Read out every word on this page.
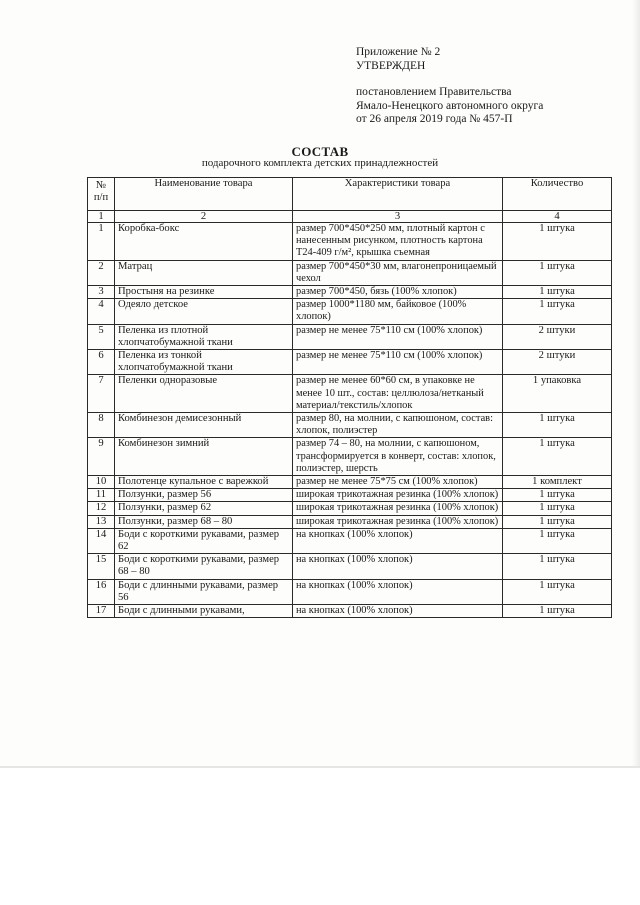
Приложение № 2
УТВЕРЖДЕН
постановлением Правительства
Ямало-Ненецкого автономного округа
от 26 апреля 2019 года № 457-П
СОСТАВ
подарочного комплекта детских принадлежностей
№ п/п	Наименование товара	Характеристики товара	Количество
1	2	3	4
1	Коробка-бокс	размер 700*450*250 мм, плотный картон с нанесенным рисунком, плотность картона Т24-409 г/м², крышка съемная	1 штука
2	Матрац	размер 700*450*30 мм, влагонепроницаемый чехол	1 штука
3	Простыня на резинке	размер 700*450, бязь (100% хлопок)	1 штука
4	Одеяло детское	размер 1000*1180 мм, байковое (100% хлопок)	1 штука
5	Пеленка из плотной хлопчатобумажной ткани	размер не менее 75*110 см (100% хлопок)	2 штуки
6	Пеленка из тонкой хлопчатобумажной ткани	размер не менее 75*110 см (100% хлопок)	2 штуки
7	Пеленки одноразовые	размер не менее 60*60 см, в упаковке не менее 10 шт., состав: целлюлоза/нетканый материал/текстиль/хлопок	1 упаковка
8	Комбинезон демисезонный	размер 80, на молнии, с капюшоном, состав: хлопок, полиэстер	1 штука
9	Комбинезон зимний	размер 74 – 80, на молнии, с капюшоном, трансформируется в конверт, состав: хлопок, полиэстер, шерсть	1 штука
10	Полотенце купальное с варежкой	размер не менее 75*75 см (100% хлопок)	1 комплект
11	Ползунки, размер 56	широкая трикотажная резинка (100% хлопок)	1 штука
12	Ползунки, размер 62	широкая трикотажная резинка (100% хлопок)	1 штука
13	Ползунки, размер 68 – 80	широкая трикотажная резинка (100% хлопок)	1 штука
14	Боди с короткими рукавами, размер 62	на кнопках (100% хлопок)	1 штука
15	Боди с короткими рукавами, размер 68 – 80	на кнопках (100% хлопок)	1 штука
16	Боди с длинными рукавами, размер 56	на кнопках (100% хлопок)	1 штука
17	Боди с длинными рукавами,	на кнопках (100% хлопок)	1 штука
